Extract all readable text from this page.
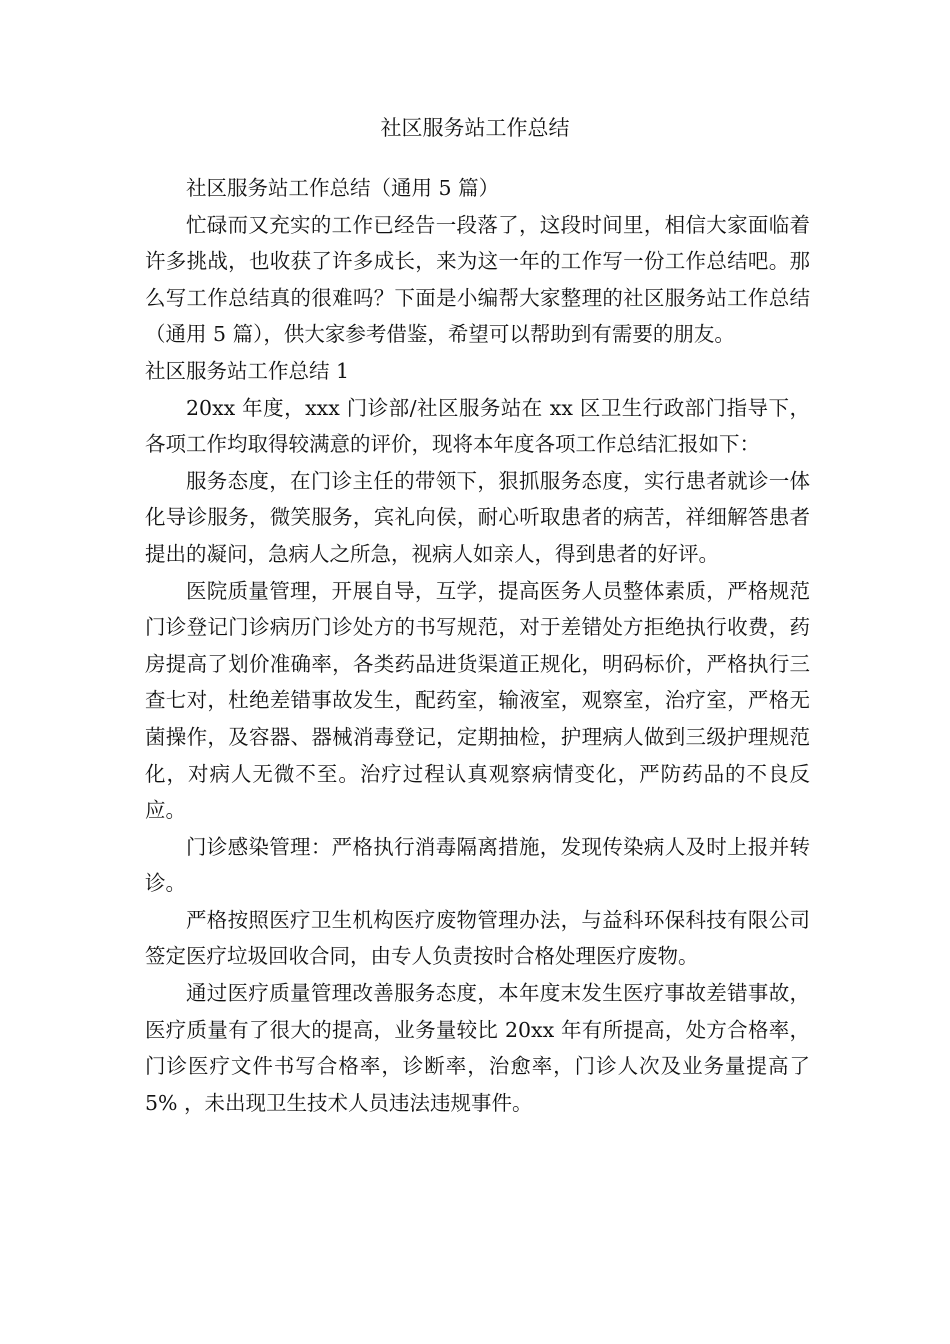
社区服务站工作总结

社区服务站工作总结（通用 5 篇）

忙碌而又充实的工作已经告一段落了，这段时间里，相信大家面临着许多挑战，也收获了许多成长，来为这一年的工作写一份工作总结吧。那么写工作总结真的很难吗？下面是小编帮大家整理的社区服务站工作总结（通用 5 篇），供大家参考借鉴，希望可以帮助到有需要的朋友。

社区服务站工作总结 1

20xx 年度，xxx 门诊部/社区服务站在 xx 区卫生行政部门指导下，各项工作均取得较满意的评价，现将本年度各项工作总结汇报如下：

服务态度，在门诊主任的带领下，狠抓服务态度，实行患者就诊一体化导诊服务，微笑服务，宾礼向侯，耐心听取患者的病苦，祥细解答患者提出的凝问，急病人之所急，视病人如亲人，得到患者的好评。

医院质量管理，开展自导，互学，提高医务人员整体素质，严格规范门诊登记门诊病历门诊处方的书写规范，对于差错处方拒绝执行收费，药房提高了划价准确率，各类药品进货渠道正规化，明码标价，严格执行三查七对，杜绝差错事故发生，配药室，输液室，观察室，治疗室，严格无菌操作，及容器、器械消毒登记，定期抽检，护理病人做到三级护理规范化，对病人无微不至。治疗过程认真观察病情变化，严防药品的不良反应。

门诊感染管理：严格执行消毒隔离措施，发现传染病人及时上报并转诊。

严格按照医疗卫生机构医疗废物管理办法，与益科环保科技有限公司签定医疗垃圾回收合同，由专人负责按时合格处理医疗废物。

通过医疗质量管理改善服务态度，本年度末发生医疗事故差错事故，医疗质量有了很大的提高，业务量较比 20xx 年有所提高，处方合格率，门诊医疗文件书写合格率，诊断率，治愈率，门诊人次及业务量提高了 5% ，未出现卫生技术人员违法违规事件。
